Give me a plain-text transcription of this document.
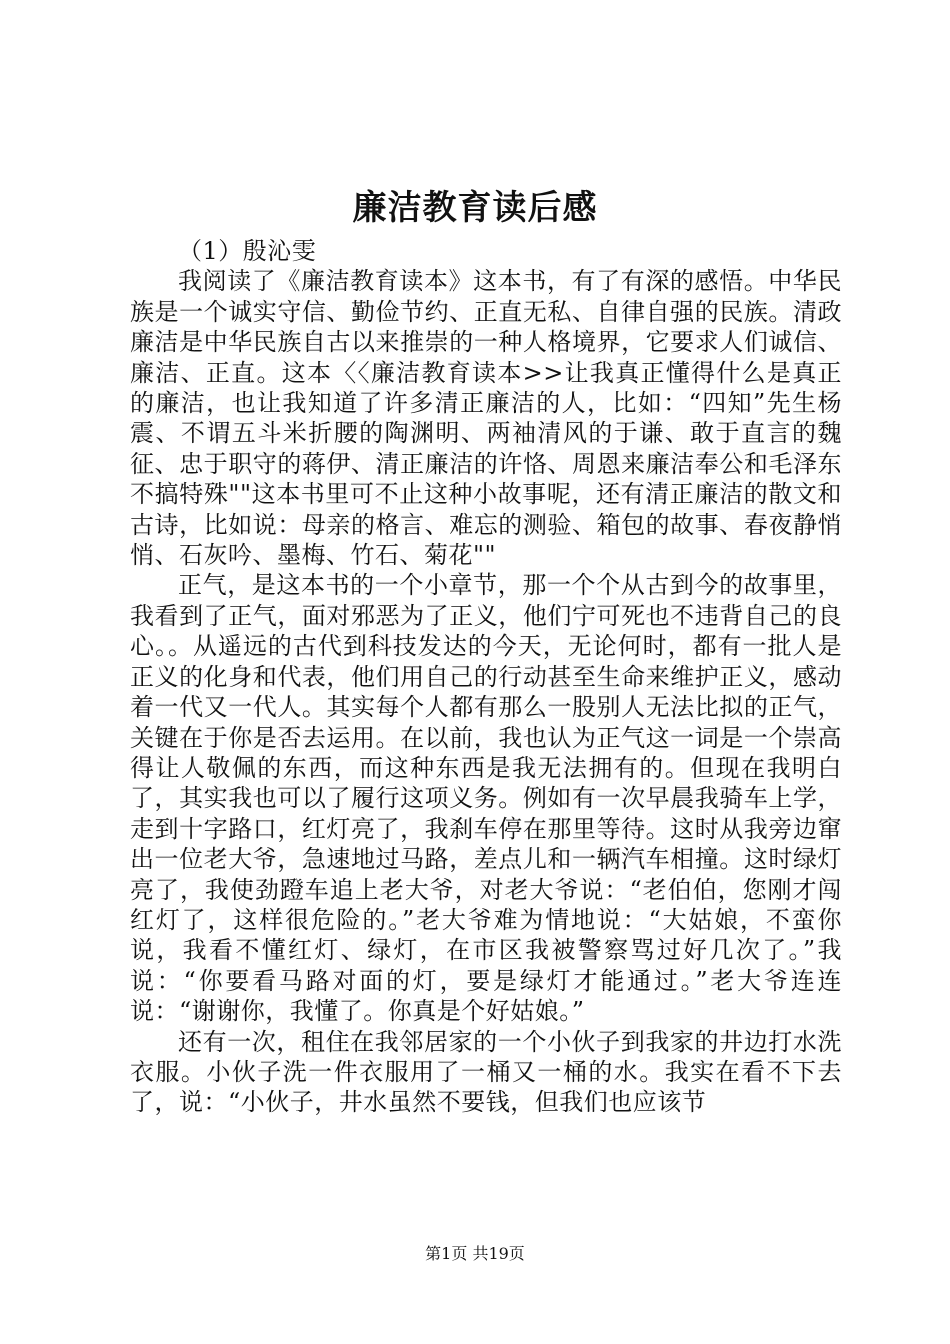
廉洁教育读后感

（1）殷沁雯

我阅读了《廉洁教育读本》这本书，有了有深的感悟。中华民族是一个诚实守信、勤俭节约、正直无私、自律自强的民族。清政廉洁是中华民族自古以来推崇的一种人格境界，它要求人们诚信、廉洁、正直。这本〈〈廉洁教育读本>>让我真正懂得什么是真正的廉洁，也让我知道了许多清正廉洁的人，比如：“四知”先生杨震、不谓五斗米折腰的陶渊明、两袖清风的于谦、敢于直言的魏征、忠于职守的蒋伊、清正廉洁的许恪、周恩来廉洁奉公和毛泽东不搞特殊""这本书里可不止这种小故事呢，还有清正廉洁的散文和古诗，比如说：母亲的格言、难忘的测验、箱包的故事、春夜静悄悄、石灰吟、墨梅、竹石、菊花""

正气，是这本书的一个小章节，那一个个从古到今的故事里，我看到了正气，面对邪恶为了正义，他们宁可死也不违背自己的良心。。从遥远的古代到科技发达的今天，无论何时，都有一批人是正义的化身和代表，他们用自己的行动甚至生命来维护正义，感动着一代又一代人。其实每个人都有那么一股别人无法比拟的正气，关键在于你是否去运用。在以前，我也认为正气这一词是一个崇高得让人敬佩的东西，而这种东西是我无法拥有的。但现在我明白了，其实我也可以了履行这项义务。例如有一次早晨我骑车上学，走到十字路口，红灯亮了，我刹车停在那里等待。这时从我旁边窜出一位老大爷，急速地过马路，差点儿和一辆汽车相撞。这时绿灯亮了，我使劲蹬车追上老大爷，对老大爷说：“老伯伯，您刚才闯红灯了，这样很危险的。”老大爷难为情地说：“大姑娘，不蛮你说，我看不懂红灯、绿灯，在市区我被警察骂过好几次了。”我说：“你要看马路对面的灯，要是绿灯才能通过。”老大爷连连说：“谢谢你，我懂了。你真是个好姑娘。”

还有一次，租住在我邻居家的一个小伙子到我家的井边打水洗衣服。小伙子洗一件衣服用了一桶又一桶的水。我实在看不下去了，说：“小伙子，井水虽然不要钱，但我们也应该节

第1页 共19页
